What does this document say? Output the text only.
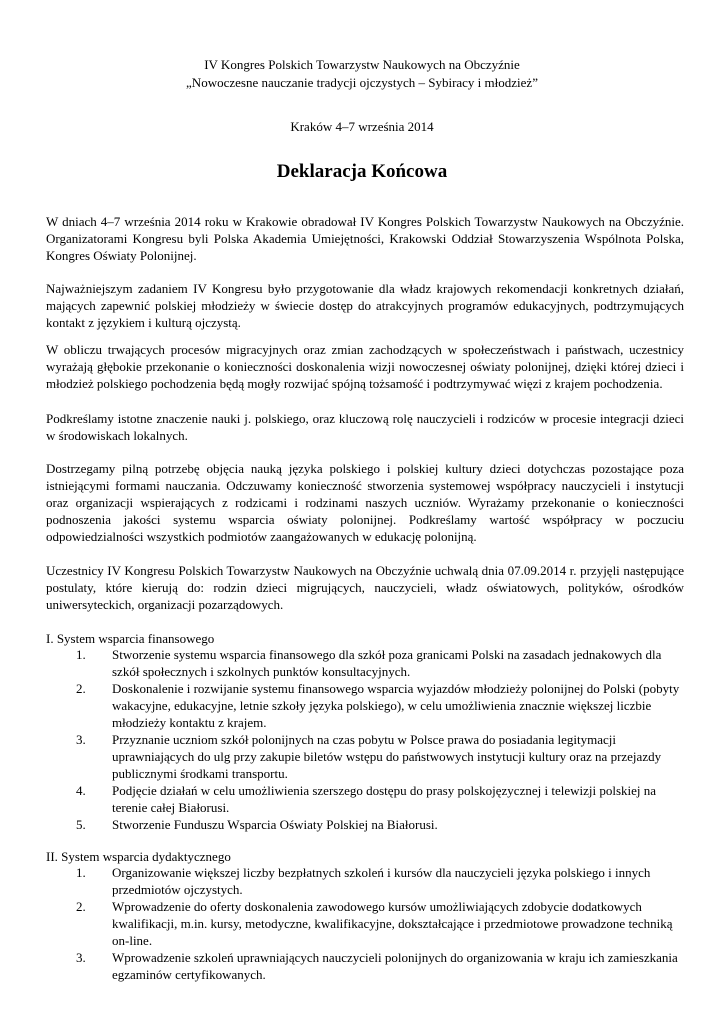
IV Kongres Polskich Towarzystw Naukowych na Obczyźnie
„Nowoczesne nauczanie tradycji ojczystych – Sybiracy i młodzież”
Kraków 4–7 września 2014
Deklaracja Końcowa
W dniach 4–7 września 2014 roku w Krakowie obradował IV Kongres Polskich Towarzystw Naukowych na Obczyźnie. Organizatorami Kongresu byli Polska Akademia Umiejętności, Krakowski Oddział Stowarzyszenia Wspólnota Polska, Kongres Oświaty Polonijnej.
Najważniejszym zadaniem IV Kongresu było przygotowanie dla władz krajowych rekomendacji konkretnych działań, mających zapewnić polskiej młodzieży w świecie dostęp do atrakcyjnych programów edukacyjnych, podtrzymujących kontakt z językiem i kulturą ojczystą.
W obliczu trwających procesów migracyjnych oraz zmian zachodzących w społeczeństwach i państwach, uczestnicy wyrażają głębokie przekonanie o konieczności doskonalenia wizji nowoczesnej oświaty polonijnej, dzięki której dzieci i młodzież polskiego pochodzenia będą mogły rozwijać spójną tożsamość i podtrzymywać więzi z krajem pochodzenia.
Podkreślamy istotne znaczenie nauki j. polskiego, oraz kluczową rolę nauczycieli i rodziców w procesie integracji dzieci w środowiskach lokalnych.
Dostrzegamy pilną potrzebę objęcia nauką języka polskiego i polskiej kultury dzieci dotychczas pozostające poza istniejącymi formami nauczania. Odczuwamy konieczność stworzenia systemowej współpracy nauczycieli i instytucji oraz organizacji wspierających z rodzicami i rodzinami naszych uczniów. Wyrażamy przekonanie o konieczności podnoszenia jakości systemu wsparcia oświaty polonijnej. Podkreślamy wartość współpracy w poczuciu odpowiedzialności wszystkich podmiotów zaangażowanych w edukację polonijną.
Uczestnicy IV Kongresu Polskich Towarzystw Naukowych na Obczyźnie uchwalą dnia 07.09.2014 r. przyjęli następujące postulaty, które kierują do: rodzin dzieci migrujących, nauczycieli, władz oświatowych, polityków, ośrodków uniwersyteckich, organizacji pozarządowych.
I. System wsparcia finansowego
1.	Stworzenie systemu wsparcia finansowego dla szkół poza granicami Polski na zasadach jednakowych dla szkół społecznych i szkolnych punktów konsultacyjnych.
2.	Doskonalenie i rozwijanie systemu finansowego wsparcia wyjazdów młodzieży polonijnej do Polski (pobyty wakacyjne, edukacyjne, letnie szkoły języka polskiego), w celu umożliwienia znacznie większej liczbie młodzieży kontaktu z krajem.
3.	Przyznanie uczniom szkół polonijnych na czas pobytu w Polsce prawa do posiadania legitymacji uprawniających do ulg przy zakupie biletów wstępu do państwowych instytucji kultury oraz na przejazdy publicznymi środkami transportu.
4.	Podjęcie działań w celu umożliwienia szerszego dostępu do prasy polskojęzycznej i telewizji polskiej na terenie całej Białorusi.
5.	Stworzenie Funduszu Wsparcia Oświaty Polskiej na Białorusi.
II. System wsparcia dydaktycznego
1.	Organizowanie większej liczby bezpłatnych szkoleń i kursów dla nauczycieli języka polskiego i innych przedmiotów ojczystych.
2.	Wprowadzenie do oferty doskonalenia zawodowego kursów umożliwiających zdobycie dodatkowych kwalifikacji, m.in. kursy, metodyczne, kwalifikacyjne, dokształcające i przedmiotowe prowadzone techniką on-line.
3.	Wprowadzenie szkoleń uprawniających nauczycieli polonijnych do organizowania w kraju ich zamieszkania egzaminów certyfikowanych.
